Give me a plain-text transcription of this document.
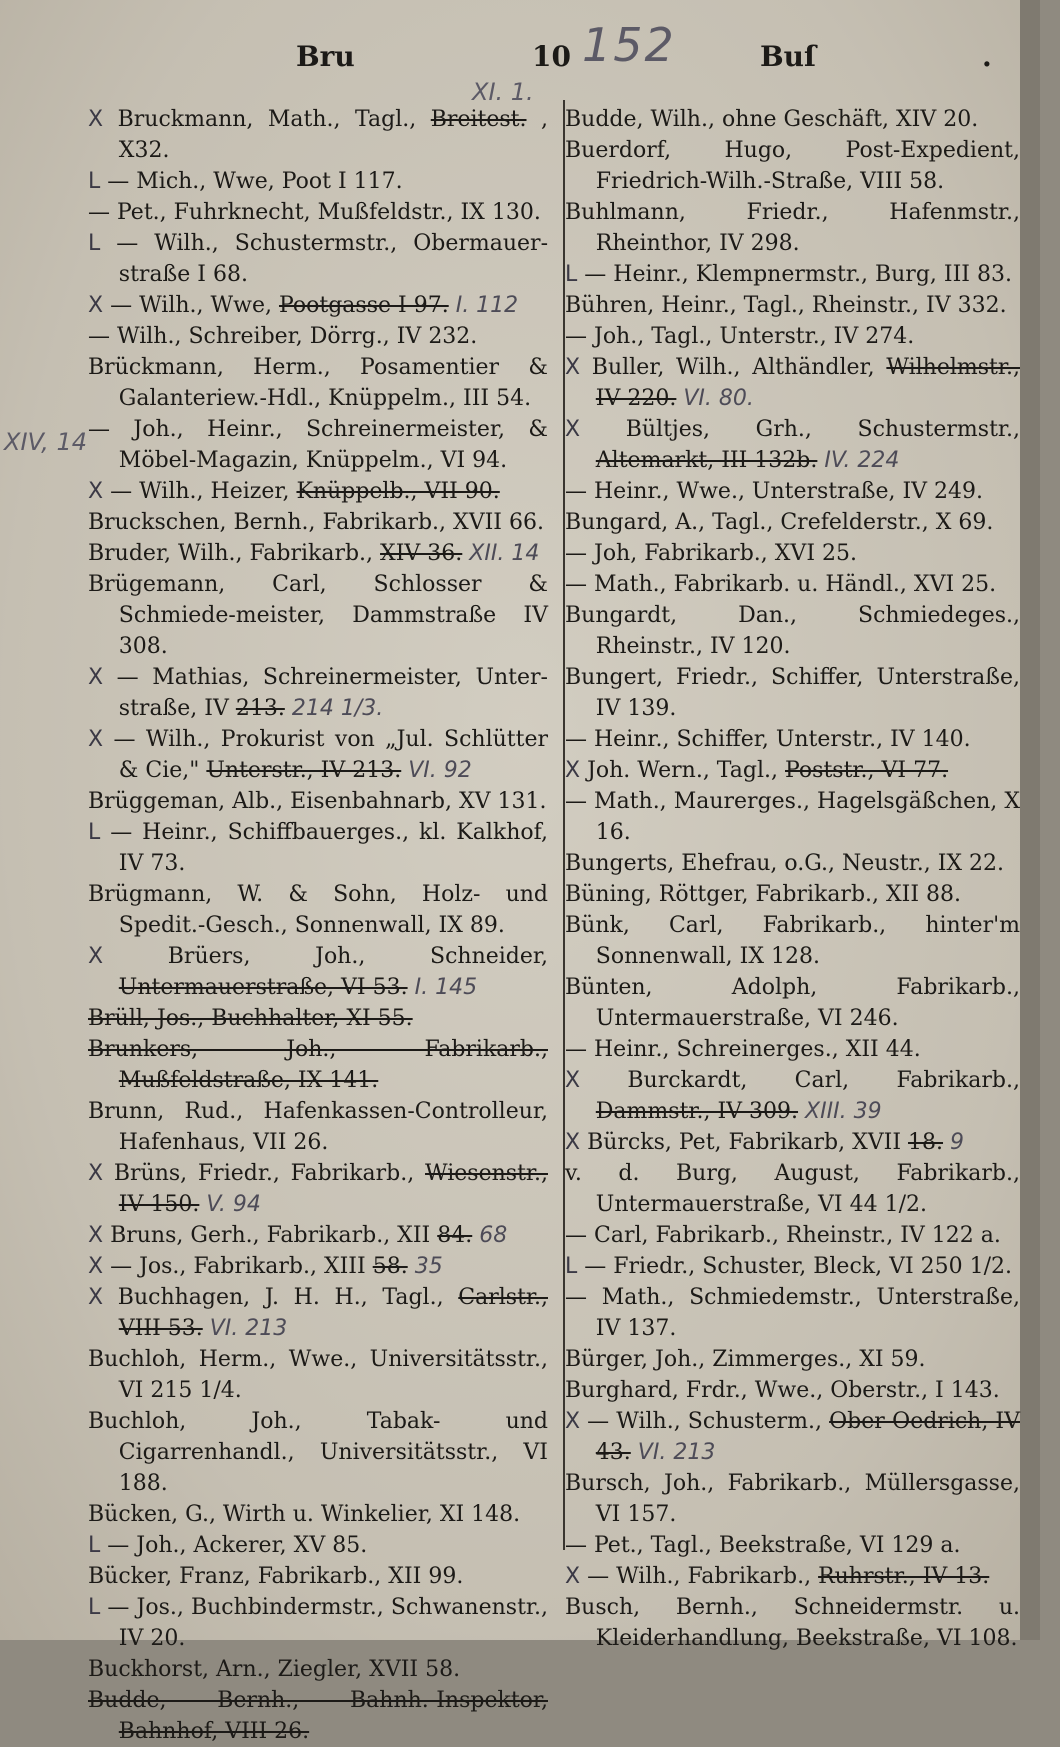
Bru	10	Buſ	.
152
XI. 1.
XIV, 14
X Bruckmann, Math., Tagl., Breitest. , X32.
L — Mich., Wwe, Poot I 117.
— Pet., Fuhrknecht, Mußfeldstr., IX 130.
L — Wilh., Schustermstr., Obermauer-straße I 68.
X — Wilh., Wwe, Pootgasse I 97. I. 112
— Wilh., Schreiber, Dörrg., IV 232.
Brückmann, Herm., Posamentier & Galanteriew.-Hdl., Knüppelm., III 54.
— Joh., Heinr., Schreinermeister, & Möbel-Magazin, Knüppelm., VI 94.
X — Wilh., Heizer, Knüppelb., VII 90.
Bruckschen, Bernh., Fabrikarb., XVII 66.
Bruder, Wilh., Fabrikarb., XIV 36. XII. 14
Brügemann, Carl, Schlosser & Schmiede-meister, Dammstraße IV 308.
X — Mathias, Schreinermeister, Unter-straße, IV 213. 214 1/3.
X — Wilh., Prokurist von „Jul. Schlütter & Cie," Unterstr., IV 213. VI. 92
Brüggeman, Alb., Eisenbahnarb, XV 131.
L — Heinr., Schiffbauerges., kl. Kalkhof, IV 73.
Brügmann, W. & Sohn, Holz- und Spedit.-Gesch., Sonnenwall, IX 89.
X	Brüers, Joh., Schneider, Untermauerstraße, VI 53. I. 145
Brüll, Jos., Buchhalter, XI 55.
Brunkers, Joh., Fabrikarb., Mußfeldstraße, IX 141.
Brunn, Rud., Hafenkassen-Controlleur, Hafenhaus, VII 26.
X Brüns, Friedr., Fabrikarb., Wiesenstr., IV 150. V. 94
X Bruns, Gerh., Fabrikarb., XII 84. 68
X — Jos., Fabrikarb., XIII 58. 35
X Buchhagen, J. H. H., Tagl., Carlstr., VIII 53. VI. 213
Buchloh, Herm., Wwe., Universitätsstr., VI 215 1/4.
Buchloh, Joh., Tabak- und Cigarrenhandl., Universitätsstr., VI 188.
Bücken, G., Wirth u. Winkelier, XI 148.
L — Joh., Ackerer, XV 85.
Bücker, Franz, Fabrikarb., XII 99.
L — Jos., Buchbindermstr., Schwanenstr., IV 20.
Buckhorst, Arn., Ziegler, XVII 58.
Budde, Bernh., Bahnh.-Inspektor, Bahnhof, VIII 26.
Budde, Wilh., ohne Geschäft, XIV 20.
Buerdorf, Hugo, Post-Expedient, Friedrich-Wilh.-Straße, VIII 58.
Buhlmann, Friedr., Hafenmstr., Rheinthor, IV 298.
L — Heinr., Klempnermstr., Burg, III 83.
Bühren, Heinr., Tagl., Rheinstr., IV 332.
— Joh., Tagl., Unterstr., IV 274.
X Buller, Wilh., Althändler, Wilhelmstr., IV 220. VI. 80.
X Bültjes, Grh., Schustermstr., Altemarkt, III 132b. IV. 224
— Heinr., Wwe., Unterstraße, IV 249.
Bungard, A., Tagl., Crefelderstr., X 69.
— Joh, Fabrikarb., XVI 25.
— Math., Fabrikarb. u. Händl., XVI 25.
Bungardt, Dan., Schmiedeges., Rheinstr., IV 120.
Bungert, Friedr., Schiffer, Unterstraße, IV 139.
— Heinr., Schiffer, Unterstr., IV 140.
X Joh. Wern., Tagl., Poststr., VI 77.
— Math., Maurerges., Hagelsgäßchen, X 16.
Bungerts, Ehefrau, o.G., Neustr., IX 22.
Büning, Röttger, Fabrikarb., XII 88.
Bünk, Carl, Fabrikarb., hinter'm Sonnenwall, IX 128.
Bünten, Adolph, Fabrikarb., Untermauerstraße, VI 246.
— Heinr., Schreinerges., XII 44.
X Burckardt, Carl, Fabrikarb., Dammstr., IV 309. XIII. 39
X Bürcks, Pet, Fabrikarb, XVII 18. 9
v. d. Burg, August, Fabrikarb., Untermauerstraße, VI 44 1/2.
— Carl, Fabrikarb., Rheinstr., IV 122 a.
L — Friedr., Schuster, Bleck, VI 250 1/2.
— Math., Schmiedemstr., Unterstraße, IV 137.
Bürger, Joh., Zimmerges., XI 59.
Burghard, Frdr., Wwe., Oberstr., I 143.
X — Wilh., Schusterm., Ober-Oedrich, IV 43. VI. 213
Bursch, Joh., Fabrikarb., Müllersgasse, VI 157.
— Pet., Tagl., Beekstraße, VI 129 a.
X — Wilh., Fabrikarb., Ruhrstr., IV 13.
Busch, Bernh., Schneidermstr. u. Kleiderhandlung, Beekstraße, VI 108.
